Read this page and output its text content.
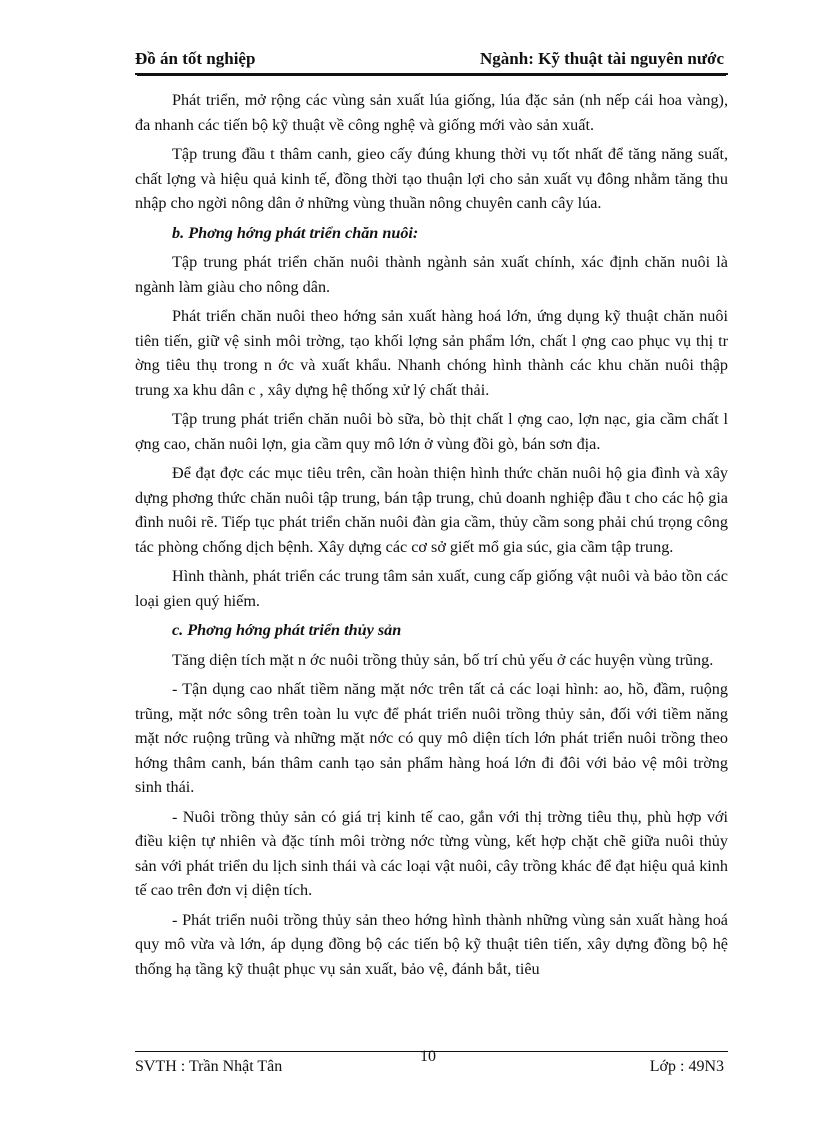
Đồ án tốt nghiệp	Ngành: Kỹ thuật tài nguyên nước

Phát triển, mở rộng các vùng sản xuất lúa giống, lúa đặc sản (nh nếp cái hoa vàng), đa nhanh các tiến bộ kỹ thuật về công nghệ và giống mới vào sản xuất.

Tập trung đầu t thâm canh, gieo cấy đúng khung thời vụ tốt nhất để tăng năng suất, chất lợng và hiệu quả kinh tế, đồng thời tạo thuận lợi cho sản xuất vụ đông nhằm tăng thu nhập cho ngời nông dân ở những vùng thuần nông chuyên canh cây lúa.

b. Phơng hớng phát triển chăn nuôi:

Tập trung phát triển chăn nuôi thành ngành sản xuất chính, xác định chăn nuôi là ngành làm giàu cho nông dân.

Phát triển chăn nuôi theo hớng sản xuất hàng hoá lớn, ứng dụng kỹ thuật chăn nuôi tiên tiến, giữ vệ sinh môi trờng, tạo khối lợng sản phẩm lớn, chất l ợng cao phục vụ thị tr ờng tiêu thụ trong n ớc và xuất khẩu. Nhanh chóng hình thành các khu chăn nuôi thập trung xa khu dân c , xây dựng hệ thống xử lý chất thải.

Tập trung phát triển chăn nuôi bò sữa, bò thịt chất l ợng cao, lợn nạc, gia cầm chất l ợng cao, chăn nuôi lợn, gia cầm quy mô lớn ở vùng đồi gò, bán sơn địa.

Để đạt đợc các mục tiêu trên, cần hoàn thiện hình thức chăn nuôi hộ gia đình và xây dựng phơng thức chăn nuôi tập trung, bán tập trung, chủ doanh nghiệp đầu t cho các hộ gia đình nuôi rẽ. Tiếp tục phát triển chăn nuôi đàn gia cầm, thủy cầm song phải chú trọng công tác phòng chống dịch bệnh. Xây dựng các cơ sở giết mổ gia súc, gia cầm tập trung.

Hình thành, phát triển các trung tâm sản xuất, cung cấp giống vật nuôi và bảo tồn các loại gien quý hiếm.

c. Phơng hớng phát triển thủy sản

Tăng diện tích mặt n ớc nuôi trồng thủy sản, bố trí chủ yếu ở các huyện vùng trũng.

- Tận dụng cao nhất tiềm năng mặt nớc trên tất cả các loại hình: ao, hồ, đầm, ruộng trũng, mặt nớc sông trên toàn lu vực để phát triển nuôi trồng thủy sản, đối với tiềm năng mặt nớc ruộng trũng và những mặt nớc có quy mô diện tích lớn phát triển nuôi trồng theo hớng thâm canh, bán thâm canh tạo sản phẩm hàng hoá lớn đi đôi với bảo vệ môi trờng sinh thái.

- Nuôi trồng thủy sản có giá trị kinh tế cao, gắn với thị trờng tiêu thụ, phù hợp với điều kiện tự nhiên và đặc tính môi trờng nớc từng vùng, kết hợp chặt chẽ giữa nuôi thủy sản với phát triển du lịch sinh thái và các loại vật nuôi, cây trồng khác để đạt hiệu quả kinh tế cao trên đơn vị diện tích.

- Phát triển nuôi trồng thủy sản theo hớng hình thành những vùng sản xuất hàng hoá quy mô vừa và lớn, áp dụng đồng bộ các tiến bộ kỹ thuật tiên tiến, xây dựng đồng bộ hệ thống hạ tầng kỹ thuật phục vụ sản xuất, bảo vệ, đánh bắt, tiêu

SVTH : Trần Nhật Tân
10
Lớp : 49N3
